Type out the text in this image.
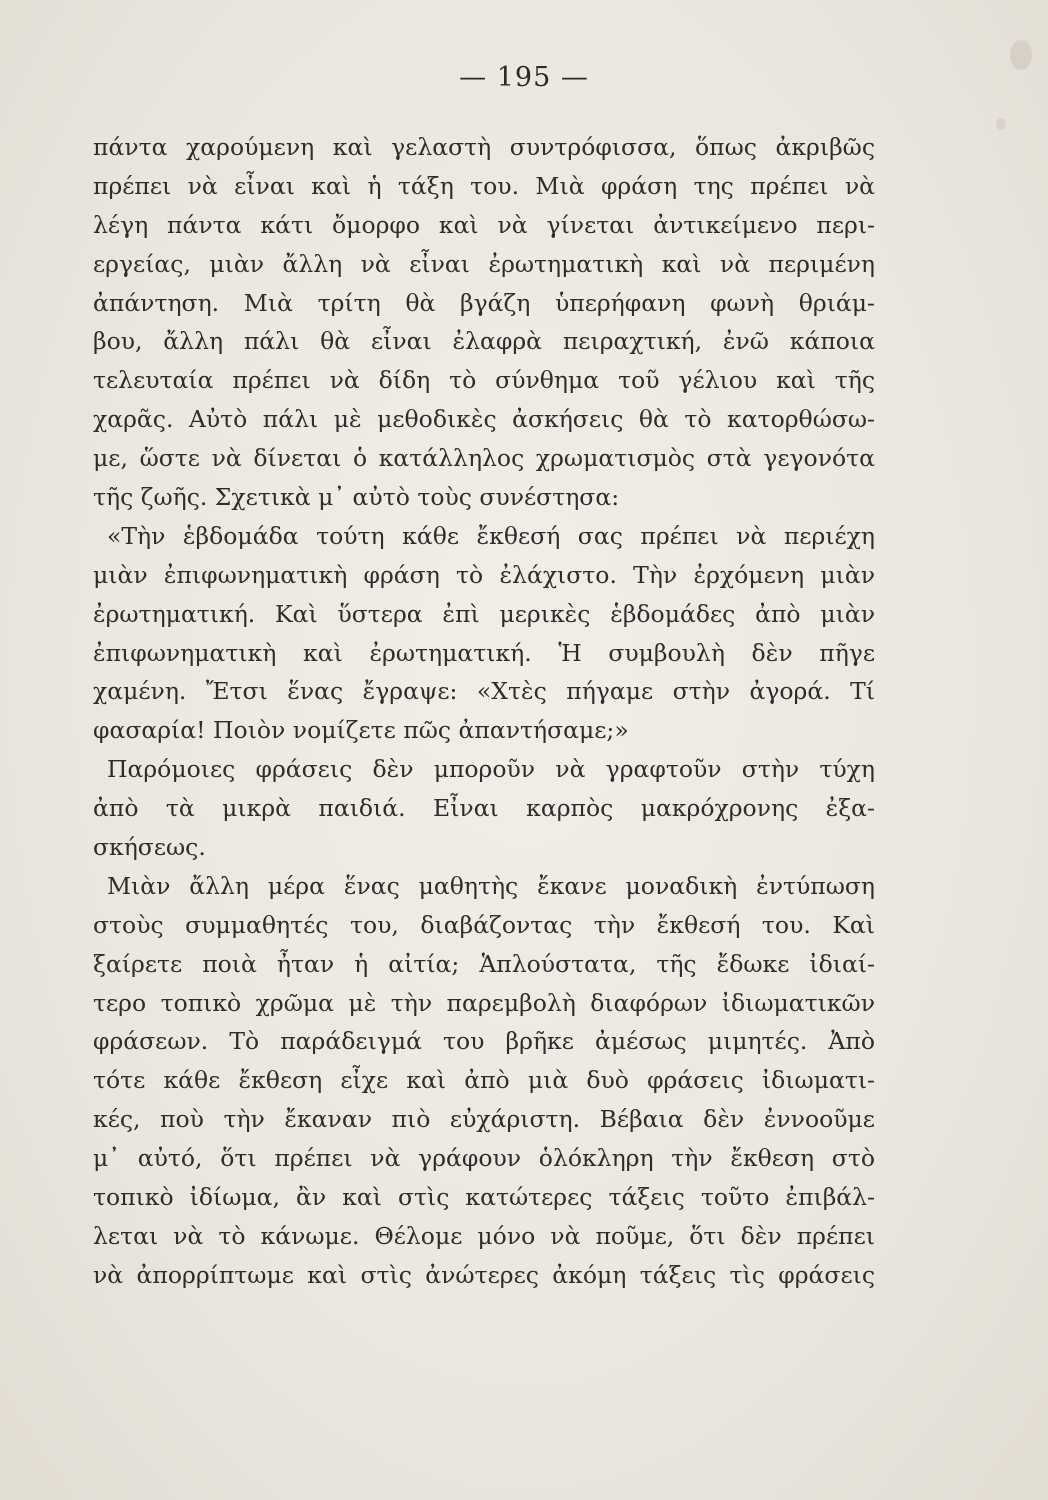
— 195 —
πάντα χαρούμενη καὶ γελαστὴ συντρόφισσα, ὅπως ἀκριβῶς
πρέπει νὰ εἶναι καὶ ἡ τάξη του. Μιὰ φράση της πρέπει νὰ
λέγη πάντα κάτι ὄμορφο καὶ νὰ γίνεται ἀντικείμενο περι-
εργείας, μιὰν ἄλλη νὰ εἶναι ἐρωτηματικὴ καὶ νὰ περιμένη
ἀπάντηση. Μιὰ τρίτη θὰ βγάζη ὑπερήφανη φωνὴ θριάμ-
βου, ἄλλη πάλι θὰ εἶναι ἐλαφρὰ πειραχτική, ἐνῶ κάποια
τελευταία πρέπει νὰ δίδη τὸ σύνθημα τοῦ γέλιου καὶ τῆς
χαρᾶς. Αὐτὸ πάλι μὲ μεθοδικὲς ἀσκήσεις θὰ τὸ κατορθώσω-
με, ὥστε νὰ δίνεται ὁ κατάλληλος χρωματισμὸς στὰ γεγονότα
τῆς ζωῆς. Σχετικὰ μ᾽ αὐτὸ τοὺς συνέστησα:
«Τὴν ἑβδομάδα τούτη κάθε ἔκθεσή σας πρέπει νὰ περιέχη
μιὰν ἐπιφωνηματικὴ φράση τὸ ἐλάχιστο. Τὴν ἐρχόμενη μιὰν
ἐρωτηματική. Καὶ ὕστερα ἐπὶ μερικὲς ἑβδομάδες ἀπὸ μιὰν
ἐπιφωνηματικὴ καὶ ἐρωτηματική. Ἡ συμβουλὴ δὲν πῆγε
χαμένη. Ἔτσι ἕνας ἔγραψε: «Χτὲς πήγαμε στὴν ἀγορά. Τί
φασαρία! Ποιὸν νομίζετε πῶς ἀπαντήσαμε;»
Παρόμοιες φράσεις δὲν μποροῦν νὰ γραφτοῦν στὴν τύχη
ἀπὸ τὰ μικρὰ παιδιά. Εἶναι καρπὸς μακρόχρονης ἐξα-
σκήσεως.
Μιὰν ἄλλη μέρα ἕνας μαθητὴς ἔκανε μοναδικὴ ἐντύπωση
στοὺς συμμαθητές του, διαβάζοντας τὴν ἔκθεσή του. Καὶ
ξαίρετε ποιὰ ἦταν ἡ αἰτία; Ἁπλούστατα, τῆς ἔδωκε ἰδιαί-
τερο τοπικὸ χρῶμα μὲ τὴν παρεμβολὴ διαφόρων ἰδιωματικῶν
φράσεων. Τὸ παράδειγμά του βρῆκε ἀμέσως μιμητές. Ἀπὸ
τότε κάθε ἔκθεση εἶχε καὶ ἀπὸ μιὰ δυὸ φράσεις ἰδιωματι-
κές, ποὺ τὴν ἔκαναν πιὸ εὐχάριστη. Βέβαια δὲν ἐννοοῦμε
μ᾽ αὐτό, ὅτι πρέπει νὰ γράφουν ὁλόκληρη τὴν ἔκθεση στὸ
τοπικὸ ἰδίωμα, ἂν καὶ στὶς κατώτερες τάξεις τοῦτο ἐπιβάλ-
λεται νὰ τὸ κάνωμε. Θέλομε μόνο νὰ ποῦμε, ὅτι δὲν πρέπει
νὰ ἀπορρίπτωμε καὶ στὶς ἀνώτερες ἀκόμη τάξεις τὶς φράσεις
